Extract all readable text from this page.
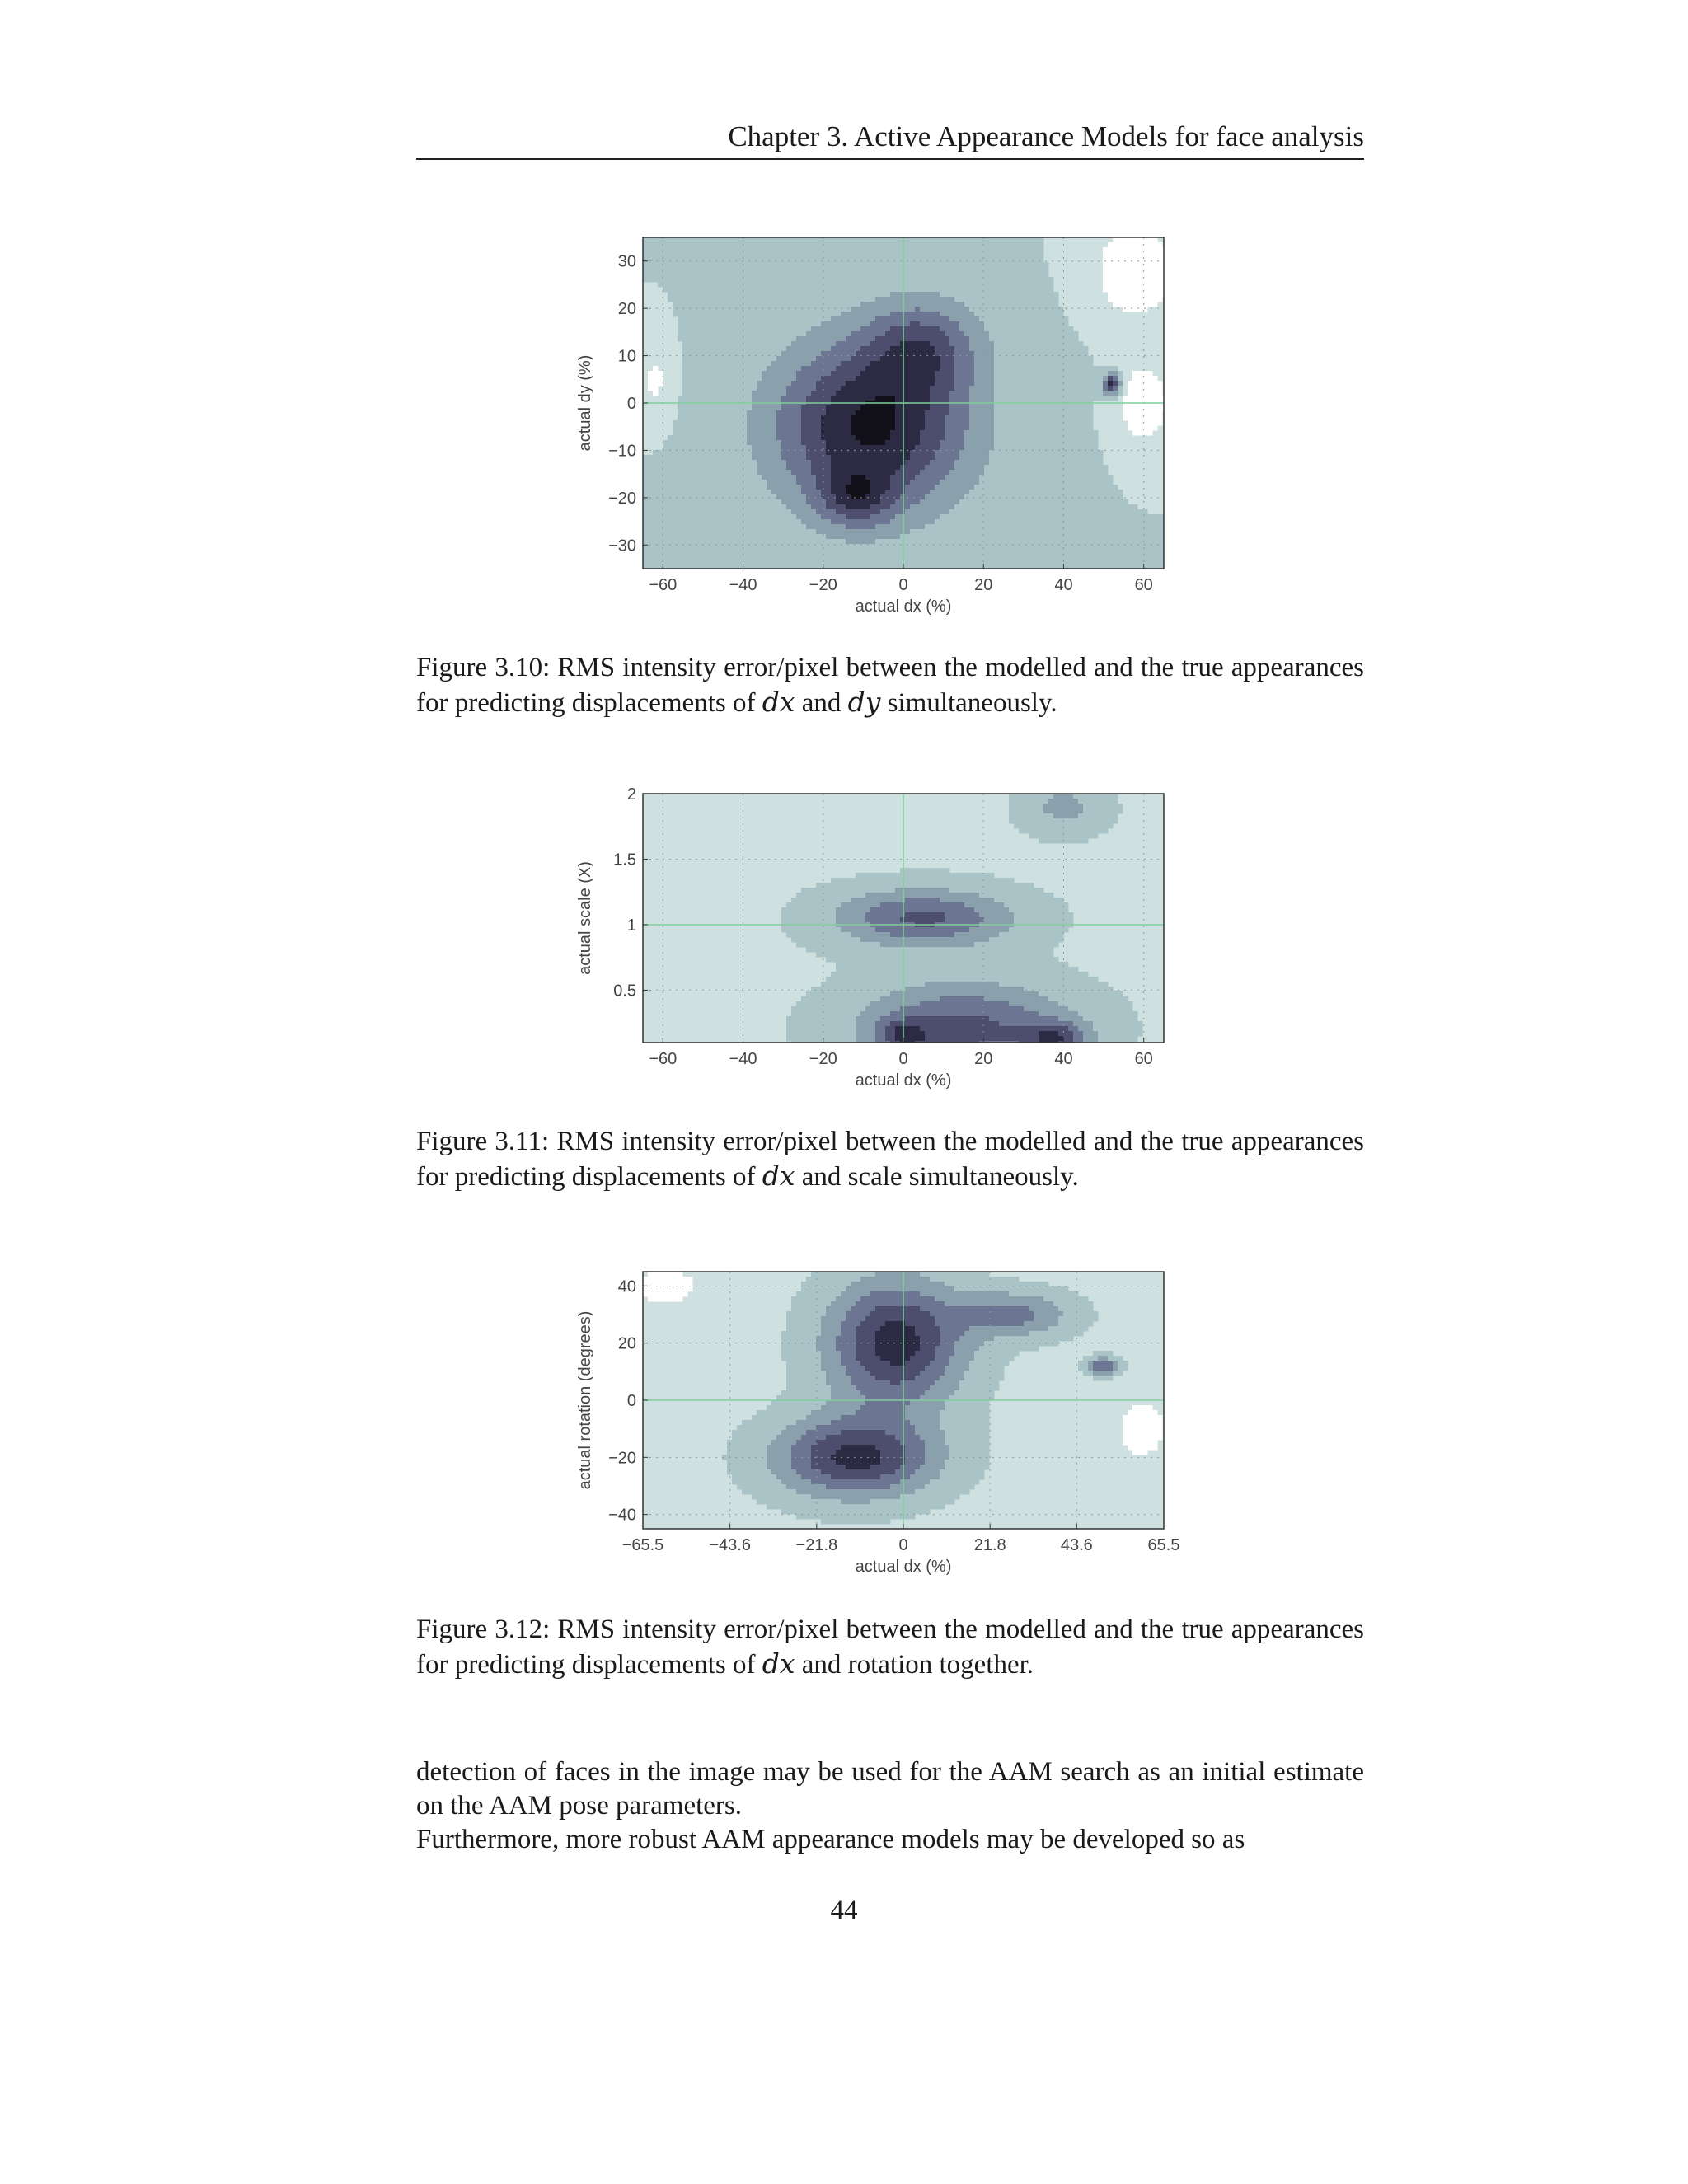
Chapter 3. Active Appearance Models for face analysis
−60	−40	−20	0	20	40	60
30
20
10
0
−10
−20
−30
actual dx (%)
actual dy (%)
Figure 3.10: RMS intensity error/pixel between the modelled and the true appearances for predicting displacements of dx and dy simultaneously.
−60	−40	−20	0	20	40	60
2
1.5
1
0.5
actual dx (%)
actual scale (X)
Figure 3.11: RMS intensity error/pixel between the modelled and the true appearances for predicting displacements of dx and scale simultaneously.
−65.5	−43.6	−21.8	0	21.8	43.6	65.5
40
20
0
−20
−40
actual dx (%)
actual rotation (degrees)
Figure 3.12: RMS intensity error/pixel between the modelled and the true appearances for predicting displacements of dx and rotation together.

detection of faces in the image may be used for the AAM search as an initial estimate on the AAM pose parameters.

Furthermore, more robust AAM appearance models may be developed so as

44
